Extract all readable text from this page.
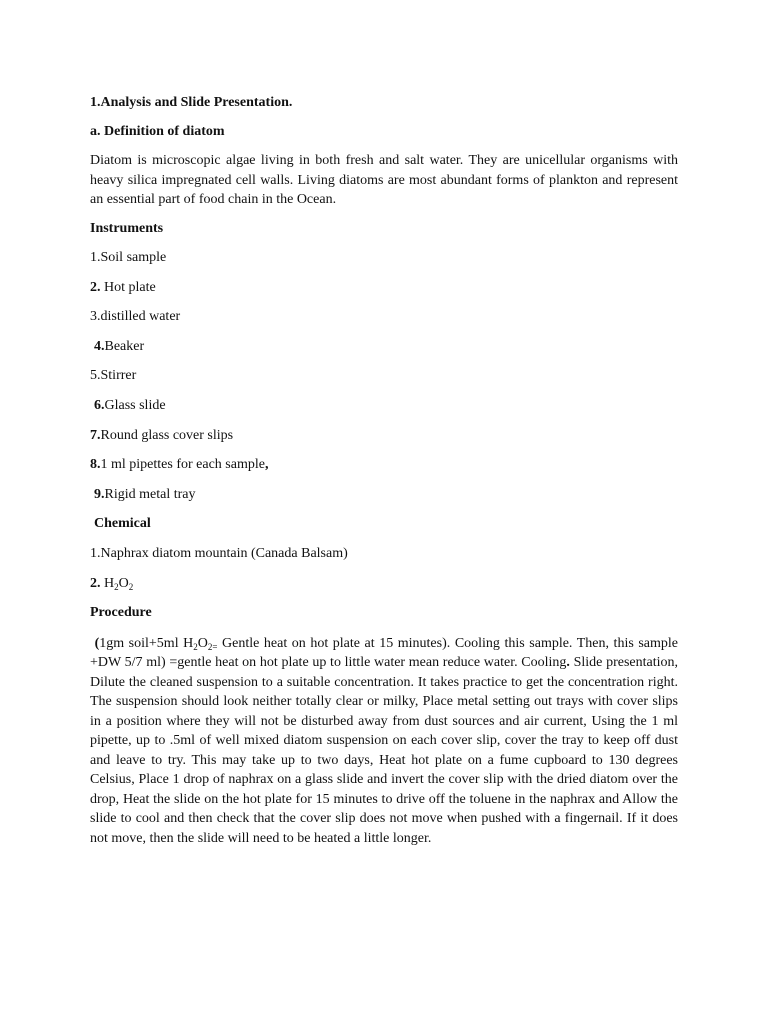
1.Analysis and Slide Presentation.

a. Definition of diatom

Diatom is microscopic algae living in both fresh and salt water. They are unicellular organisms with heavy silica impregnated cell walls. Living diatoms are most abundant forms of plankton and represent an essential part of food chain in the Ocean.

Instruments

1.Soil sample

2. Hot plate

3.distilled water

4.Beaker

5.Stirrer

6.Glass slide

7.Round glass cover slips

8.1 ml pipettes for each sample,

9.Rigid metal tray

Chemical

1.Naphrax diatom mountain (Canada Balsam)

2. $H_2O_2$

Procedure

(1gm soil+5ml $H_2O_{2=}$ Gentle heat on hot plate at 15 minutes). Cooling this sample. Then, this sample +DW 5/7 ml) =gentle heat on hot plate up to little water mean reduce water. Cooling. Slide presentation, Dilute the cleaned suspension to a suitable concentration. It takes practice to get the concentration right. The suspension should look neither totally clear or milky, Place metal setting out trays with cover slips in a position where they will not be disturbed away from dust sources and air current, Using the 1 ml pipette, up to .5ml of well mixed diatom suspension on each cover slip, cover the tray to keep off dust and leave to try. This may take up to two days, Heat hot plate on a fume cupboard to 130 degrees Celsius, Place 1 drop of naphrax on a glass slide and invert the cover slip with the dried diatom over the drop, Heat the slide on the hot plate for 15 minutes to drive off the toluene in the naphrax and Allow the slide to cool and then check that the cover slip does not move when pushed with a fingernail. If it does not move, then the slide will need to be heated a little longer.
